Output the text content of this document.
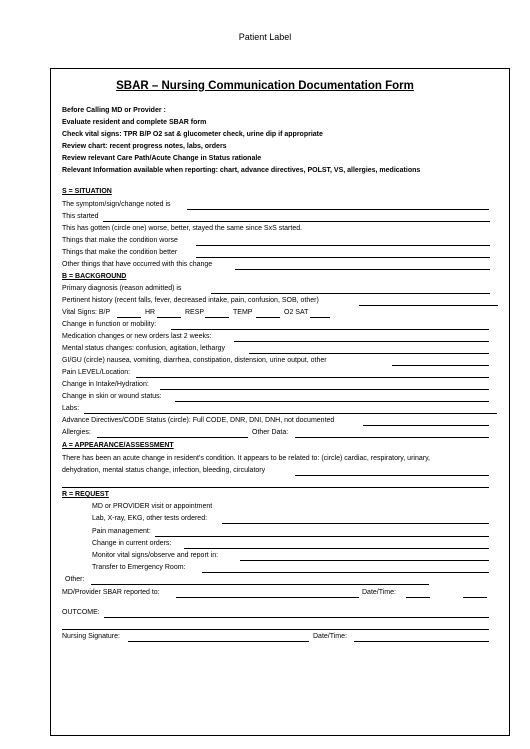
Patient Label
SBAR – Nursing Communication Documentation Form
Before Calling MD or Provider :
Evaluate resident and complete SBAR form
Check vital signs: TPR B/P O2 sat & glucometer check, urine dip if appropriate
Review chart: recent progress notes, labs, orders
Review relevant Care Path/Acute Change in Status rationale
Relevant Information available when reporting: chart, advance directives, POLST, VS, allergies, medications
S = SITUATION
The symptom/sign/change noted is
This started
This has gotten (circle one) worse, better, stayed the same since SxS started.
Things that make the condition worse
Things that make the condition better
Other things that have occurred with this change
B = BACKGROUND
Primary diagnosis (reason admitted) is
Pertinent history (recent falls, fever, decreased intake, pain, confusion, SOB, other)
Vital Signs: B/P	HR	RESP	TEMP	O2 SAT
Change in function or mobility:
Medication changes or new orders last 2 weeks:
Mental status changes: confusion, agitation, lethargy
GI/GU (circle) nausea, vomiting, diarrhea, constipation, distension, urine output, other
Pain LEVEL/Location:
Change in Intake/Hydration:
Change in skin or wound status:
Labs:
Advance Directives/CODE Status (circle): Full CODE, DNR, DNI, DNH, not documented
Allergies:	Other Data:
A = APPEARANCE/ASSESSMENT
There has been an acute change in resident's condition. It appears to be related to: (circle) cardiac, respiratory, urinary,
dehydration, mental status change, infection, bleeding, circulatory
R = REQUEST
MD or PROVIDER visit or appointment
Lab, X-ray, EKG, other tests ordered:
Pain management:
Change in current orders:
Monitor vital signs/observe and report in:
Transfer to Emergency Room:
Other:
MD/Provider SBAR reported to:	Date/Time:
OUTCOME:
Nursing Signature:	Date/Time:
